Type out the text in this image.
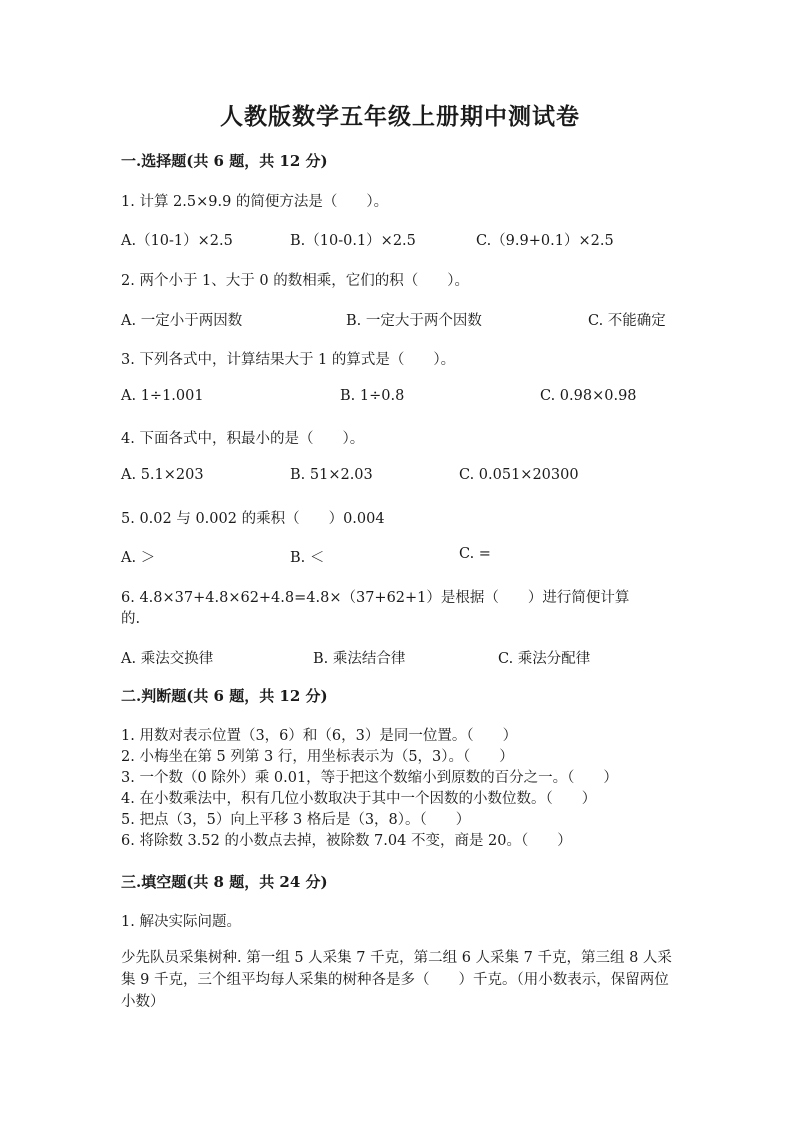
人教版数学五年级上册期中测试卷
一.选择题(共 6 题，共 12 分)
1. 计算 2.5×9.9 的简便方法是（　　）。
A.（10-1）×2.5	B.（10-0.1）×2.5	C.（9.9+0.1）×2.5
2. 两个小于 1、大于 0 的数相乘，它们的积（　　）。
A. 一定小于两因数	B. 一定大于两个因数	C. 不能确定
3. 下列各式中，计算结果大于 1 的算式是（　　）。
A. 1÷1.001	B. 1÷0.8	C. 0.98×0.98
4. 下面各式中，积最小的是（　　）。
A. 5.1×203	B. 51×2.03	C. 0.051×20300
5. 0.02 与 0.002 的乘积（　　）0.004
A. ＞	B. ＜	C. =
6. 4.8×37+4.8×62+4.8=4.8×（37+62+1）是根据（　　）进行简便计算
的.
A. 乘法交换律	B. 乘法结合律	C. 乘法分配律
二.判断题(共 6 题，共 12 分)
1. 用数对表示位置（3，6）和（6，3）是同一位置。（　　）
2. 小梅坐在第 5 列第 3 行，用坐标表示为（5，3）。（　　）
3. 一个数（0 除外）乘 0.01，等于把这个数缩小到原数的百分之一。（　　）
4. 在小数乘法中，积有几位小数取决于其中一个因数的小数位数。（　　）
5. 把点（3，5）向上平移 3 格后是（3，8）。（　　）
6. 将除数 3.52 的小数点去掉，被除数 7.04 不变，商是 20。（　　）
三.填空题(共 8 题，共 24 分)
1. 解决实际问题。
少先队员采集树种. 第一组 5 人采集 7 千克，第二组 6 人采集 7 千克，第三组 8 人采集 9 千克，三个组平均每人采集的树种各是多（　　）千克。（用小数表示，保留两位小数）
